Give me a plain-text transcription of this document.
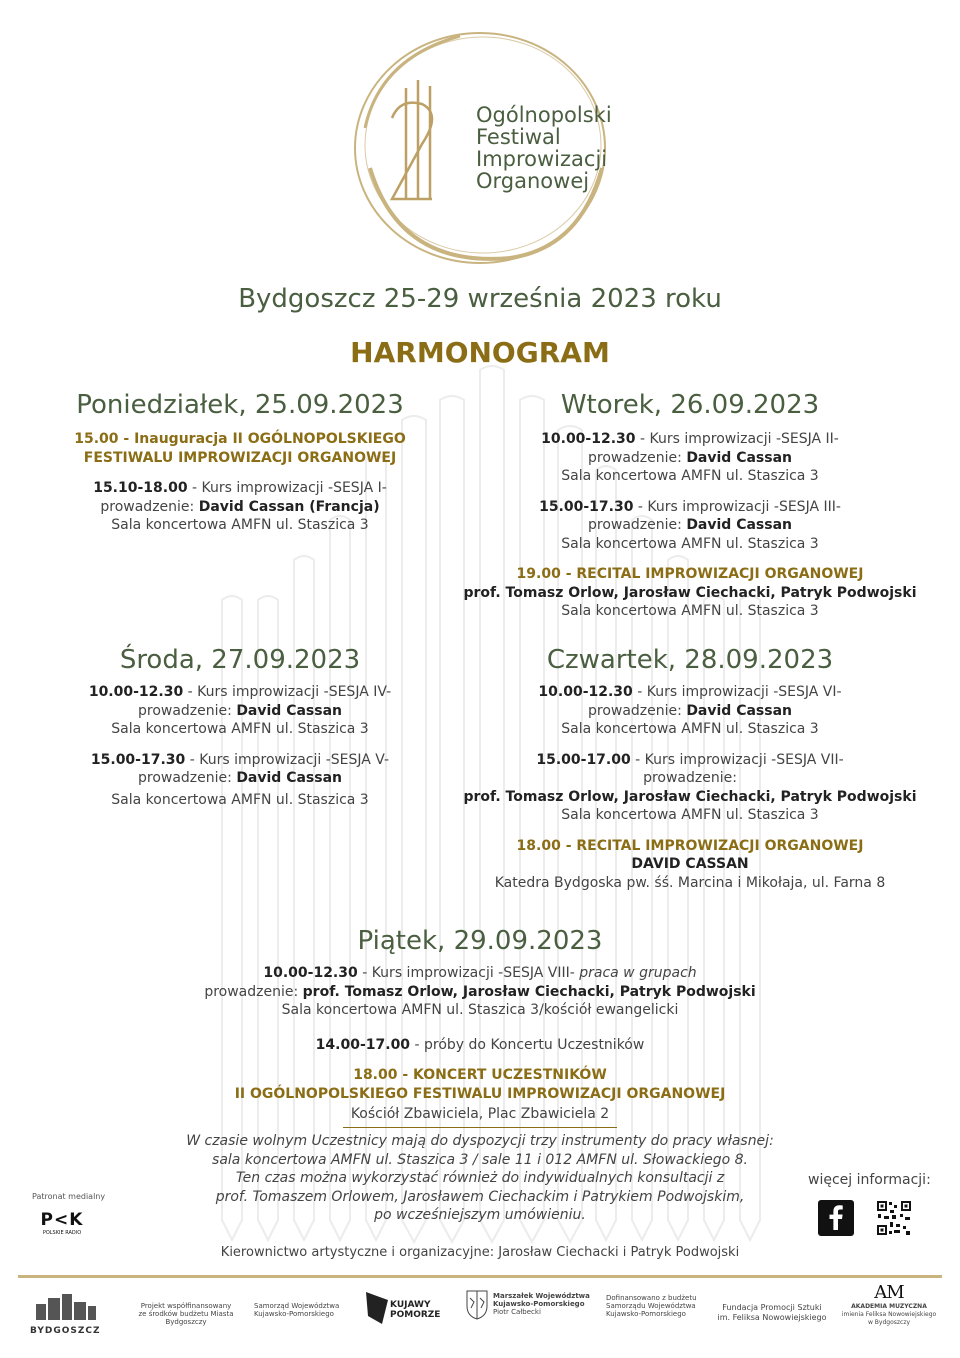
Ogólnopolski
Festiwal
Improwizacji
Organowej
Bydgoszcz 25-29 września 2023 roku
HARMONOGRAM
Poniedziałek, 25.09.2023
15.00 - Inauguracja II OGÓLNOPOLSKIEGO
FESTIWALU IMPROWIZACJI ORGANOWEJ
15.10-18.00 - Kurs improwizacji -SESJA I-
prowadzenie: David Cassan (Francja)
Sala koncertowa AMFN ul. Staszica 3
Wtorek, 26.09.2023
10.00-12.30 - Kurs improwizacji -SESJA II-
prowadzenie: David Cassan
Sala koncertowa AMFN ul. Staszica 3
15.00-17.30 - Kurs improwizacji -SESJA III-
prowadzenie: David Cassan
Sala koncertowa AMFN ul. Staszica 3
19.00 - RECITAL IMPROWIZACJI ORGANOWEJ
prof. Tomasz Orlow, Jarosław Ciechacki, Patryk Podwojski
Sala koncertowa AMFN ul. Staszica 3
Środa, 27.09.2023
10.00-12.30 - Kurs improwizacji -SESJA IV-
prowadzenie: David Cassan
Sala koncertowa AMFN ul. Staszica 3
15.00-17.30 - Kurs improwizacji -SESJA V-
prowadzenie: David Cassan
Sala koncertowa AMFN ul. Staszica 3
Czwartek, 28.09.2023
10.00-12.30 - Kurs improwizacji -SESJA VI-
prowadzenie: David Cassan
Sala koncertowa AMFN ul. Staszica 3
15.00-17.00 - Kurs improwizacji -SESJA VII-
prowadzenie:
prof. Tomasz Orlow, Jarosław Ciechacki, Patryk Podwojski
Sala koncertowa AMFN ul. Staszica 3
18.00 - RECITAL IMPROWIZACJI ORGANOWEJ
DAVID CASSAN
Katedra Bydgoska pw. śś. Marcina i Mikołaja, ul. Farna 8
Piątek, 29.09.2023
10.00-12.30 - Kurs improwizacji -SESJA VIII- praca w grupach
prowadzenie: prof. Tomasz Orlow, Jarosław Ciechacki, Patryk Podwojski
Sala koncertowa AMFN ul. Staszica 3/kościół ewangelicki
14.00-17.00 - próby do Koncertu Uczestników
18.00 - KONCERT UCZESTNIKÓW
II OGÓLNOPOLSKIEGO FESTIWALU IMPROWIZACJI ORGANOWEJ
Kościół Zbawiciela, Plac Zbawiciela 2
W czasie wolnym Uczestnicy mają do dyspozycji trzy instrumenty do pracy własnej:
sala koncertowa AMFN ul. Staszica 3 / sale 11 i 012 AMFN ul. Słowackiego 8.
Ten czas można wykorzystać również do indywidualnych konsultacji z
prof. Tomaszem Orlowem, Jarosławem Ciechackim i Patrykiem Podwojskim,
po wcześniejszym umówieniu.
Patronat medialny
P<K
POLSKIE RADIO
więcej informacji:
Kierownictwo artystyczne i organizacyjne: Jarosław Ciechacki i Patryk Podwojski
BYDGOSZCZ
Projekt współfinansowany
ze środków budżetu Miasta Bydgoszczy
Samorząd Województwa
Kujawsko-Pomorskiego
KUJAWY
POMORZE
Marszałek Województwa
Kujawsko-Pomorskiego
Piotr Całbecki
Dofinansowano z budżetu
Samorządu Województwa
Kujawsko-Pomorskiego
Fundacja Promocji Sztuki
im. Feliksa Nowowiejskiego
AM
AKADEMIA MUZYCZNA
imienia Feliksa Nowowiejskiego
w Bydgoszczy
